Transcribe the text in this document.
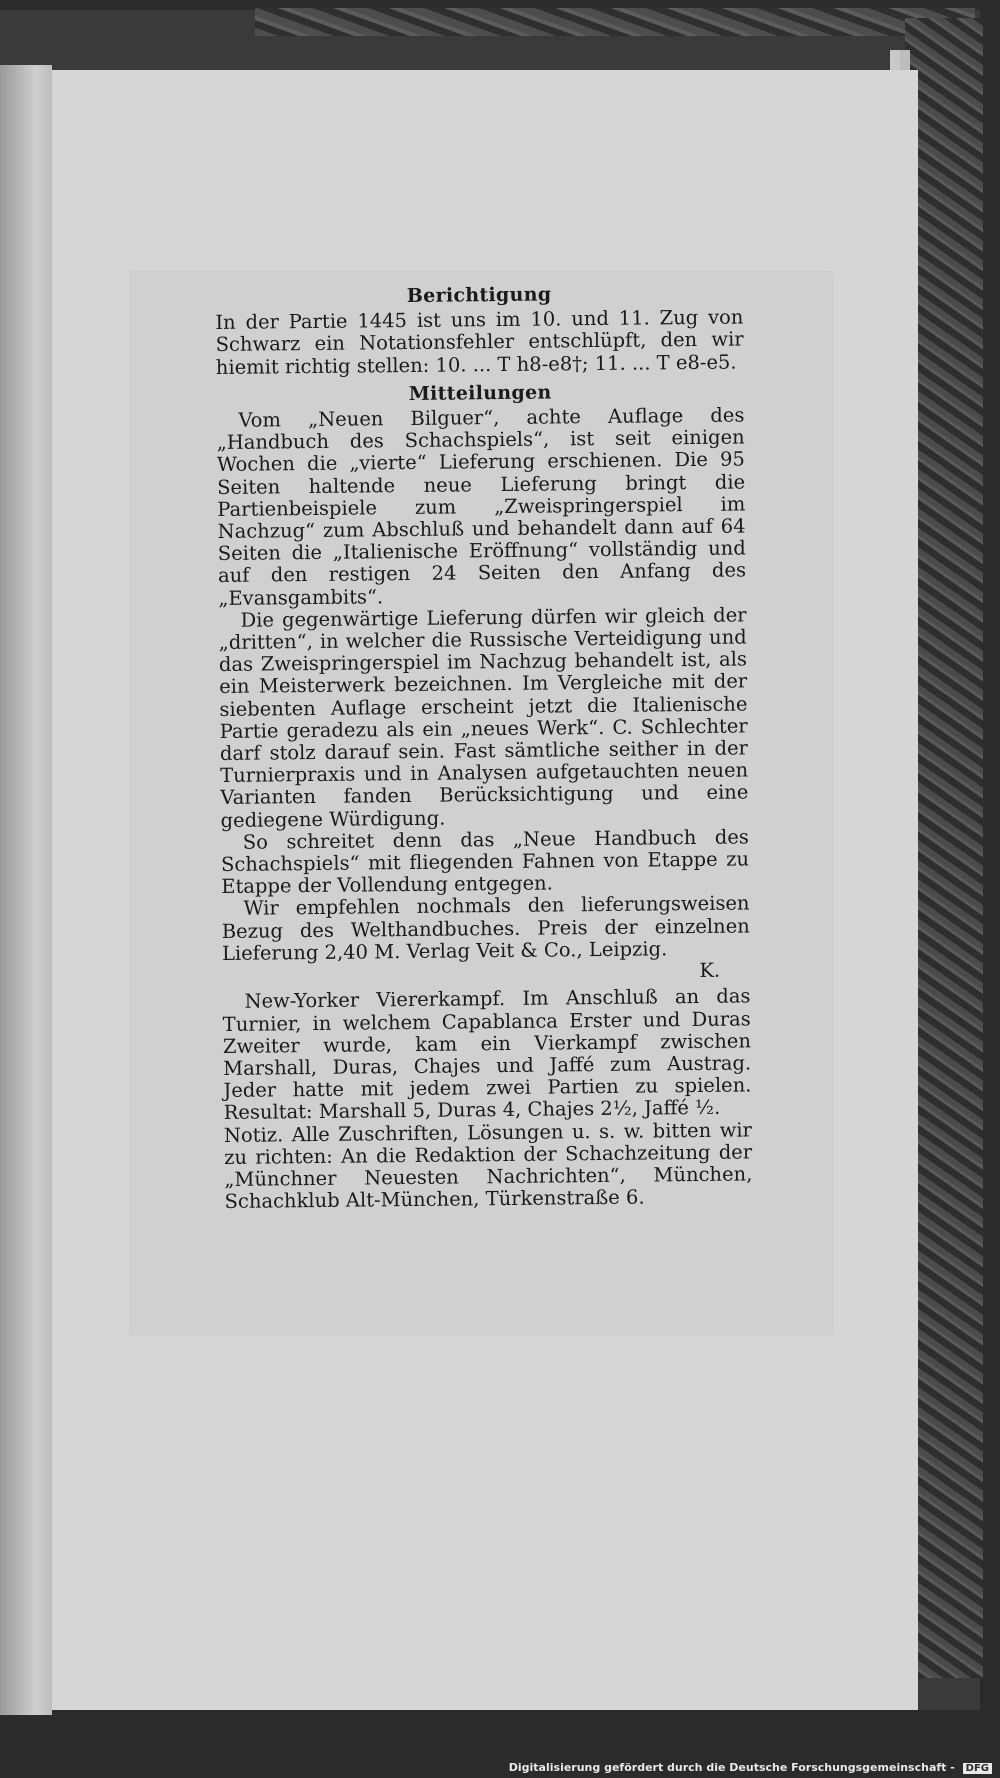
Berichtigung

In der Partie 1445 ist uns im 10. und 11. Zug von Schwarz ein Notationsfehler entschlüpft, den wir hiemit richtig stellen: 10. ... T h8-e8†; 11. ... T e8-e5.

Mitteilungen

Vom „Neuen Bilguer“, achte Auflage des „Handbuch des Schachspiels“, ist seit einigen Wochen die „vierte“ Lieferung erschienen. Die 95 Seiten haltende neue Lieferung bringt die Partienbeispiele zum „Zweispringerspiel im Nachzug“ zum Abschluß und behandelt dann auf 64 Seiten die „Italienische Eröffnung“ vollständig und auf den restigen 24 Seiten den Anfang des „Evansgambits“.

Die gegenwärtige Lieferung dürfen wir gleich der „dritten“, in welcher die Russische Verteidigung und das Zweispringerspiel im Nachzug behandelt ist, als ein Meisterwerk bezeichnen. Im Vergleiche mit der siebenten Auflage erscheint jetzt die Italienische Partie geradezu als ein „neues Werk“. C. Schlechter darf stolz darauf sein. Fast sämtliche seither in der Turnierpraxis und in Analysen aufgetauchten neuen Varianten fanden Berücksichtigung und eine gediegene Würdigung.

So schreitet denn das „Neue Handbuch des Schachspiels“ mit fliegenden Fahnen von Etappe zu Etappe der Vollendung entgegen.

Wir empfehlen nochmals den lieferungsweisen Bezug des Welthandbuches. Preis der einzelnen Lieferung 2,40 M. Verlag Veit & Co., Leipzig.

K.

New-Yorker Viererkampf. Im Anschluß an das Turnier, in welchem Capablanca Erster und Duras Zweiter wurde, kam ein Vierkampf zwischen Marshall, Duras, Chajes und Jaffé zum Austrag. Jeder hatte mit jedem zwei Partien zu spielen. Resultat: Marshall 5, Duras 4, Chajes 2½, Jaffé ½.

Notiz. Alle Zuschriften, Lösungen u. s. w. bitten wir zu richten: An die Redaktion der Schachzeitung der „Münchner Neuesten Nachrichten“, München, Schachklub Alt-München, Türkenstraße 6.

Digitalisierung gefördert durch die Deutsche Forschungsgemeinschaft - DFG
